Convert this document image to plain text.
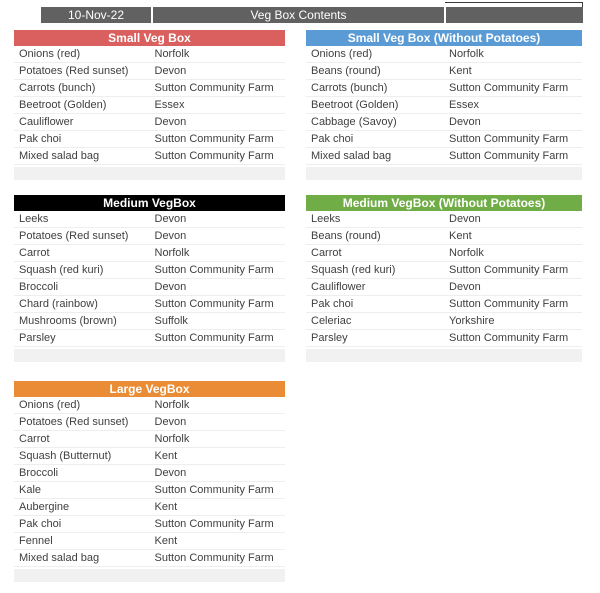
10-Nov-22	Veg Box Contents
Small Veg Box
Onions (red)	Norfolk
Potatoes (Red sunset)	Devon
Carrots (bunch)	Sutton Community Farm
Beetroot (Golden)	Essex
Cauliflower	Devon
Pak choi	Sutton Community Farm
Mixed salad bag	Sutton Community Farm
Small Veg Box (Without Potatoes)
Onions (red)	Norfolk
Beans (round)	Kent
Carrots (bunch)	Sutton Community Farm
Beetroot (Golden)	Essex
Cabbage (Savoy)	Devon
Pak choi	Sutton Community Farm
Mixed salad bag	Sutton Community Farm
Medium VegBox
Leeks	Devon
Potatoes (Red sunset)	Devon
Carrot	Norfolk
Squash (red kuri)	Sutton Community Farm
Broccoli	Devon
Chard (rainbow)	Sutton Community Farm
Mushrooms (brown)	Suffolk
Parsley	Sutton Community Farm
Medium VegBox (Without Potatoes)
Leeks	Devon
Beans (round)	Kent
Carrot	Norfolk
Squash (red kuri)	Sutton Community Farm
Cauliflower	Devon
Pak choi	Sutton Community Farm
Celeriac	Yorkshire
Parsley	Sutton Community Farm
Large VegBox
Onions (red)	Norfolk
Potatoes (Red sunset)	Devon
Carrot	Norfolk
Squash (Butternut)	Kent
Broccoli	Devon
Kale	Sutton Community Farm
Aubergine	Kent
Pak choi	Sutton Community Farm
Fennel	Kent
Mixed salad bag	Sutton Community Farm
